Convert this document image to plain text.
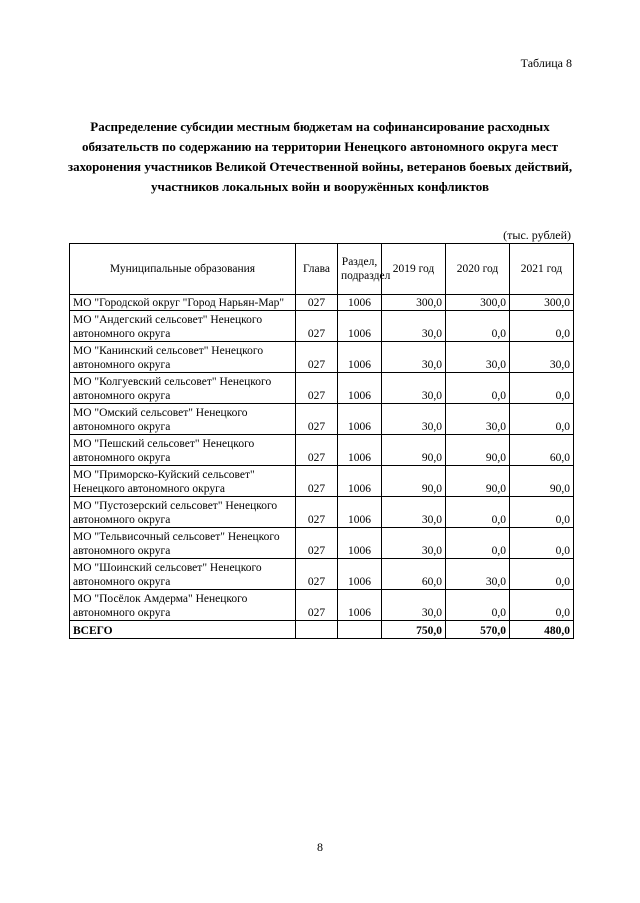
Таблица 8
Распределение субсидии местным бюджетам на софинансирование расходных обязательств по содержанию на территории Ненецкого автономного округа мест захоронения участников Великой Отечественной войны, ветеранов боевых действий, участников локальных войн и вооружённых конфликтов
(тыс. рублей)
Муниципальные образования	Глава	Раздел, подраздел	2019 год	2020 год	2021 год
МО "Городской округ "Город Нарьян-Мар"	027	1006	300,0	300,0	300,0
МО "Андегский сельсовет" Ненецкого автономного округа	027	1006	30,0	0,0	0,0
МО "Канинский сельсовет" Ненецкого автономного округа	027	1006	30,0	30,0	30,0
МО "Колгуевский сельсовет" Ненецкого автономного округа	027	1006	30,0	0,0	0,0
МО "Омский сельсовет" Ненецкого автономного округа	027	1006	30,0	30,0	0,0
МО "Пешский сельсовет" Ненецкого автономного округа	027	1006	90,0	90,0	60,0
МО "Приморско-Куйский сельсовет" Ненецкого автономного округа	027	1006	90,0	90,0	90,0
МО "Пустозерский сельсовет" Ненецкого автономного округа	027	1006	30,0	0,0	0,0
МО "Тельвисочный сельсовет" Ненецкого автономного округа	027	1006	30,0	0,0	0,0
МО "Шоинский сельсовет" Ненецкого автономного округа	027	1006	60,0	30,0	0,0
МО "Посёлок Амдерма" Ненецкого автономного округа	027	1006	30,0	0,0	0,0
ВСЕГО			750,0	570,0	480,0
8
